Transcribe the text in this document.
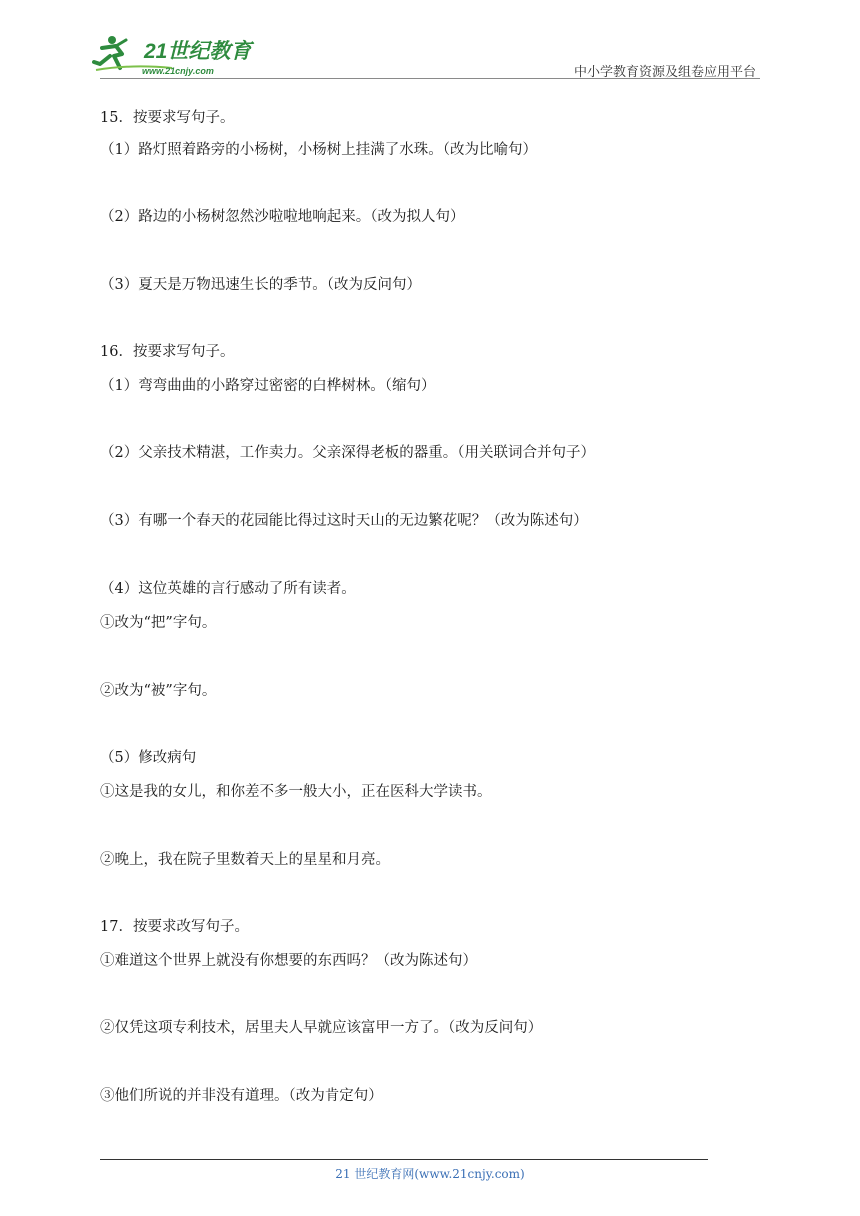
21世纪教育
www.21cnjy.com	中小学教育资源及组卷应用平台
15．按要求写句子。
（1）路灯照着路旁的小杨树，小杨树上挂满了水珠。（改为比喻句）
（2）路边的小杨树忽然沙啦啦地响起来。（改为拟人句）
（3）夏天是万物迅速生长的季节。（改为反问句）
16．按要求写句子。
（1）弯弯曲曲的小路穿过密密的白桦树林。（缩句）
（2）父亲技术精湛，工作卖力。父亲深得老板的器重。（用关联词合并句子）
（3）有哪一个春天的花园能比得过这时天山的无边繁花呢？（改为陈述句）
（4）这位英雄的言行感动了所有读者。
①改为“把”字句。
②改为“被”字句。
（5）修改病句
①这是我的女儿，和你差不多一般大小，正在医科大学读书。
②晚上，我在院子里数着天上的星星和月亮。
17．按要求改写句子。
①难道这个世界上就没有你想要的东西吗？（改为陈述句）
②仅凭这项专利技术，居里夫人早就应该富甲一方了。（改为反问句）
③他们所说的并非没有道理。（改为肯定句）
21 世纪教育网(www.21cnjy.com)
